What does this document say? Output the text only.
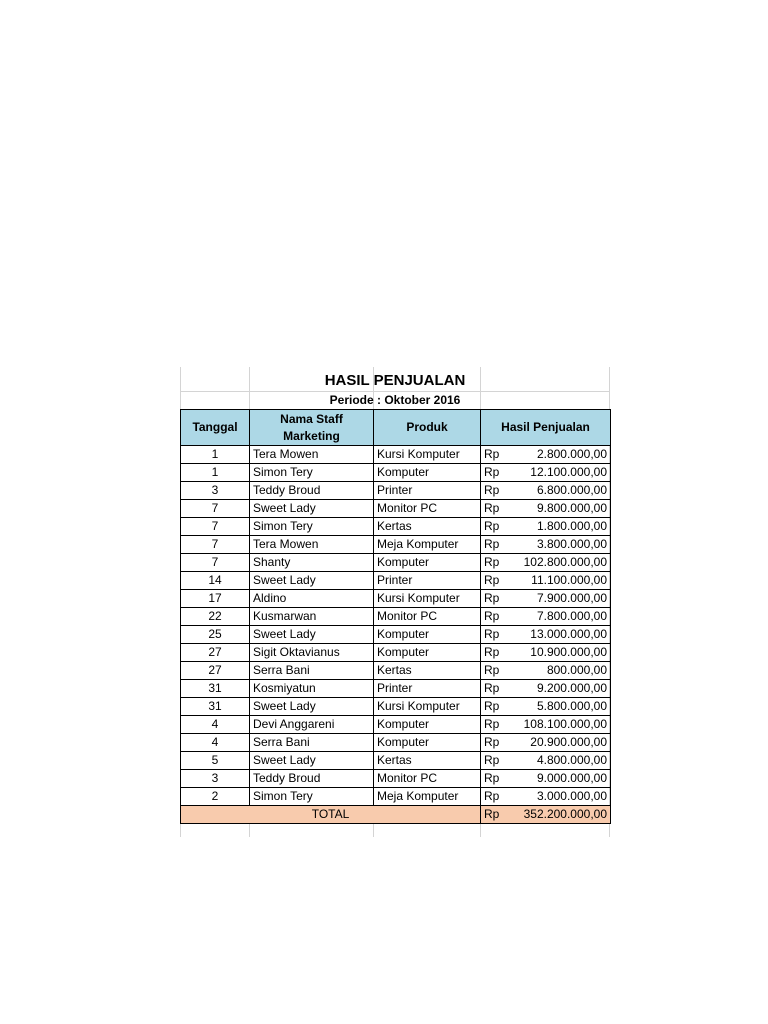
HASIL PENJUALAN
Periode : Oktober 2016
Tanggal	Nama Staff Marketing	Produk	Hasil Penjualan	
1	Tera Mowen	Kursi Komputer	Rp	2.800.000,00
1	Simon Tery	Komputer	Rp	12.100.000,00
3	Teddy Broud	Printer	Rp	6.800.000,00
7	Sweet Lady	Monitor PC	Rp	9.800.000,00
7	Simon Tery	Kertas	Rp	1.800.000,00
7	Tera Mowen	Meja Komputer	Rp	3.800.000,00
7	Shanty	Komputer	Rp	102.800.000,00
14	Sweet Lady	Printer	Rp	11.100.000,00
17	Aldino	Kursi Komputer	Rp	7.900.000,00
22	Kusmarwan	Monitor PC	Rp	7.800.000,00
25	Sweet Lady	Komputer	Rp	13.000.000,00
27	Sigit Oktavianus	Komputer	Rp	10.900.000,00
27	Serra Bani	Kertas	Rp	800.000,00
31	Kosmiyatun	Printer	Rp	9.200.000,00
31	Sweet Lady	Kursi Komputer	Rp	5.800.000,00
4	Devi Anggareni	Komputer	Rp	108.100.000,00
4	Serra Bani	Komputer	Rp	20.900.000,00
5	Sweet Lady	Kertas	Rp	4.800.000,00
3	Teddy Broud	Monitor PC	Rp	9.000.000,00
2	Simon Tery	Meja Komputer	Rp	3.000.000,00
TOTAL			Rp	352.200.000,00
